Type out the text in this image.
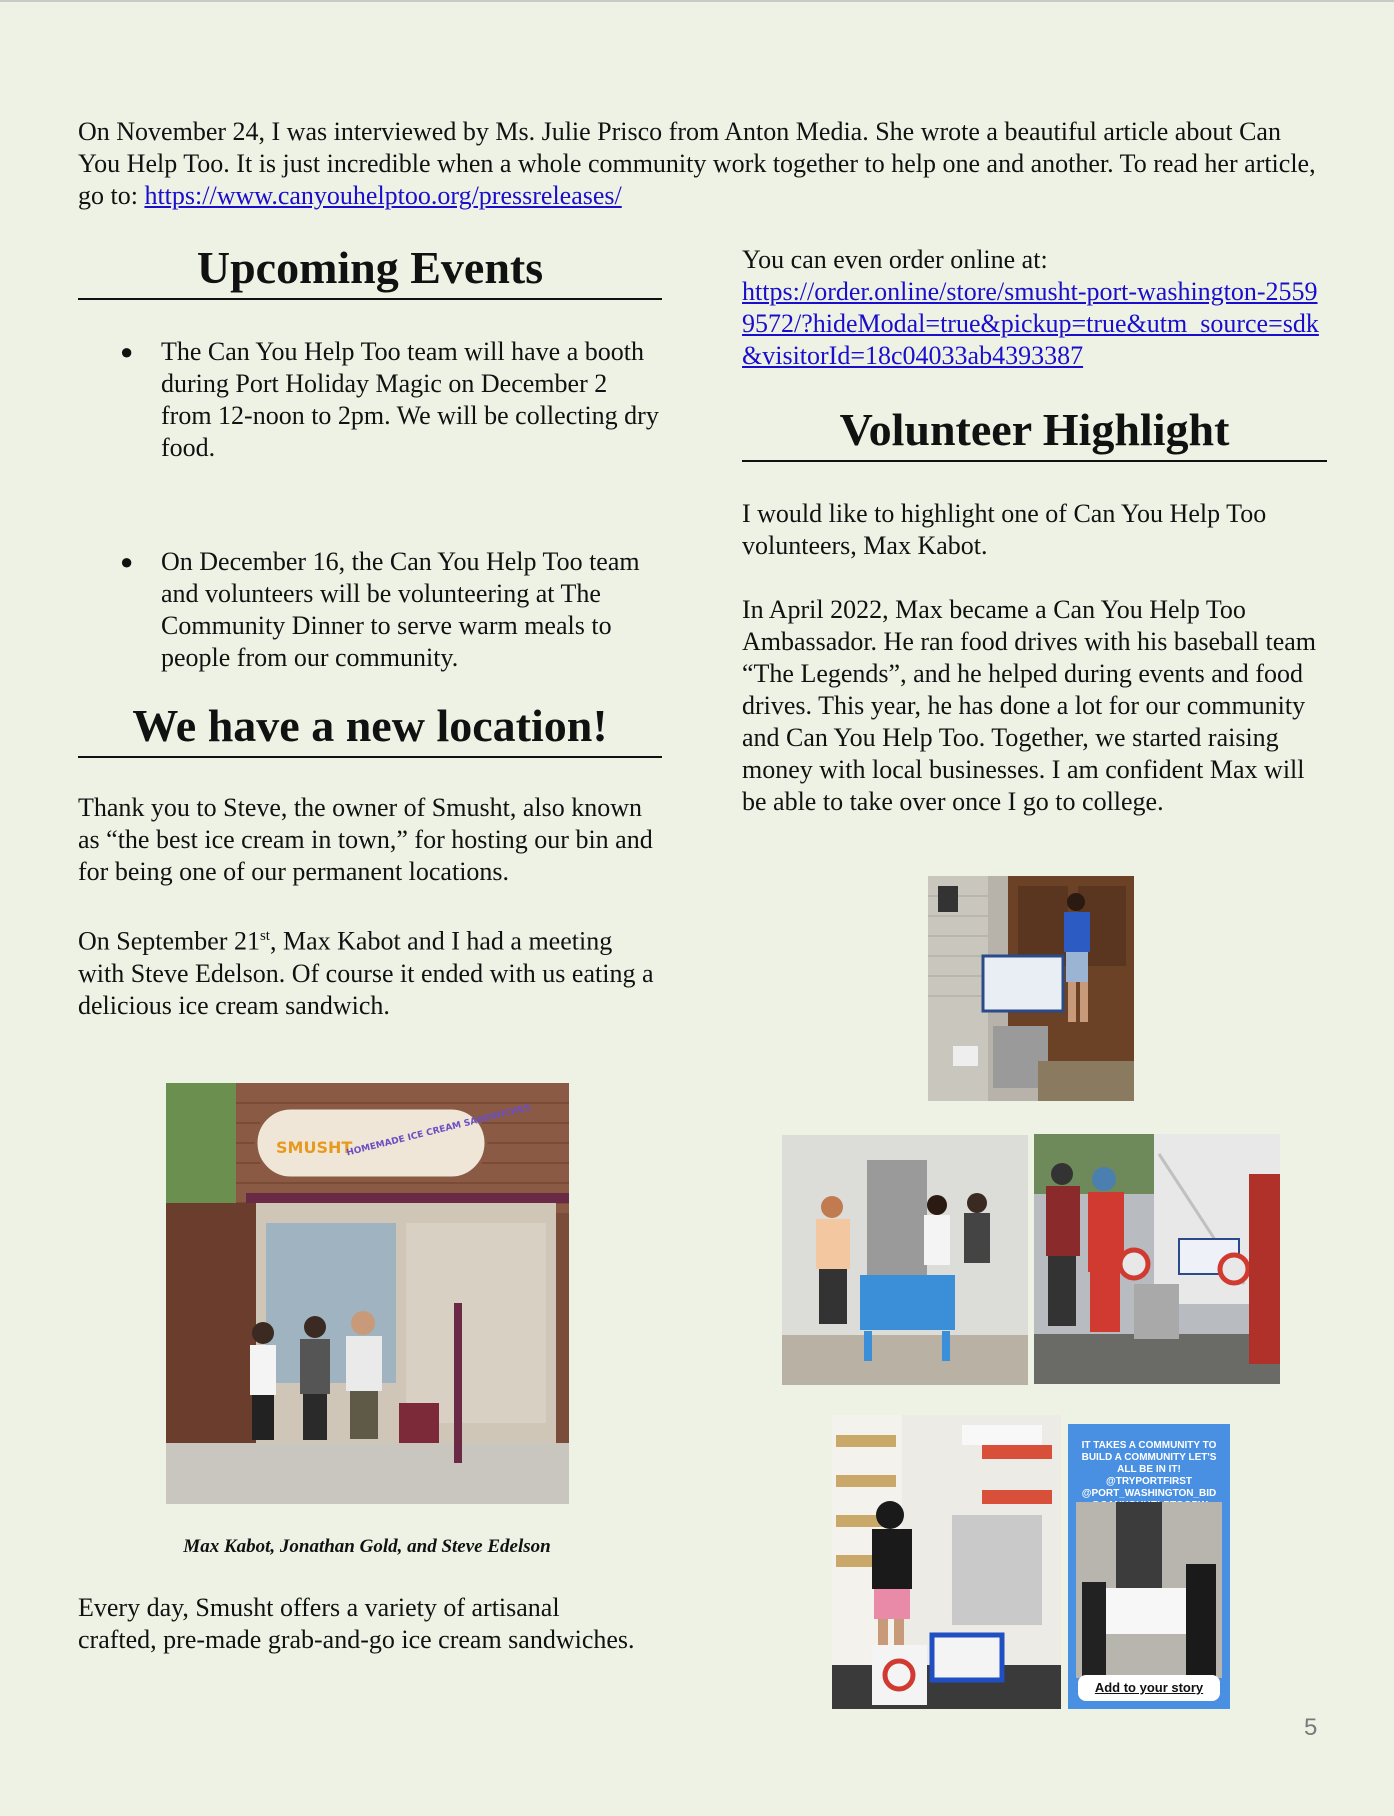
On November 24, I was interviewed by Ms. Julie Prisco from Anton Media. She wrote a beautiful article about Can You Help Too. It is just incredible when a whole community work together to help one and another. To read her article, go to: https://www.canyouhelptoo.org/pressreleases/
Upcoming Events
● The Can You Help Too team will have a booth during Port Holiday Magic on December 2 from 12-noon to 2pm. We will be collecting dry food.
● On December 16, the Can You Help Too team and volunteers will be volunteering at The Community Dinner to serve warm meals to people from our community.
We have a new location!

Thank you to Steve, the owner of Smusht, also known as “the best ice cream in town,” for hosting our bin and for being one of our permanent locations.

On September 21st, Max Kabot and I had a meeting with Steve Edelson. Of course it ended with us eating a delicious ice cream sandwich.

SMUSHT
HOMEMADE ICE CREAM SANDWICHES
Max Kabot, Jonathan Gold, and Steve Edelson

Every day, Smusht offers a variety of artisanal crafted, pre-made grab-and-go ice cream sandwiches.

You can even order online at:

https://order.online/store/smusht-port-washington-25599572/?hideModal=true&pickup=true&utm_source=sdk&visitorId=18c04033ab4393387

Volunteer Highlight

I would like to highlight one of Can You Help Too volunteers, Max Kabot.

In April 2022, Max became a Can You Help Too Ambassador. He ran food drives with his baseball team “The Legends”, and he helped during events and food drives. This year, he has done a lot for our community and Can You Help Too. Together, we started raising money with local businesses. I am confident Max will be able to take over once I go to college.

IT TAKES A COMMUNITY TO BUILD A COMMUNITY LET'S ALL BE IN IT! @TRYPORTFIRST @PORT_WASHINGTON_BID
Add to your story
5
